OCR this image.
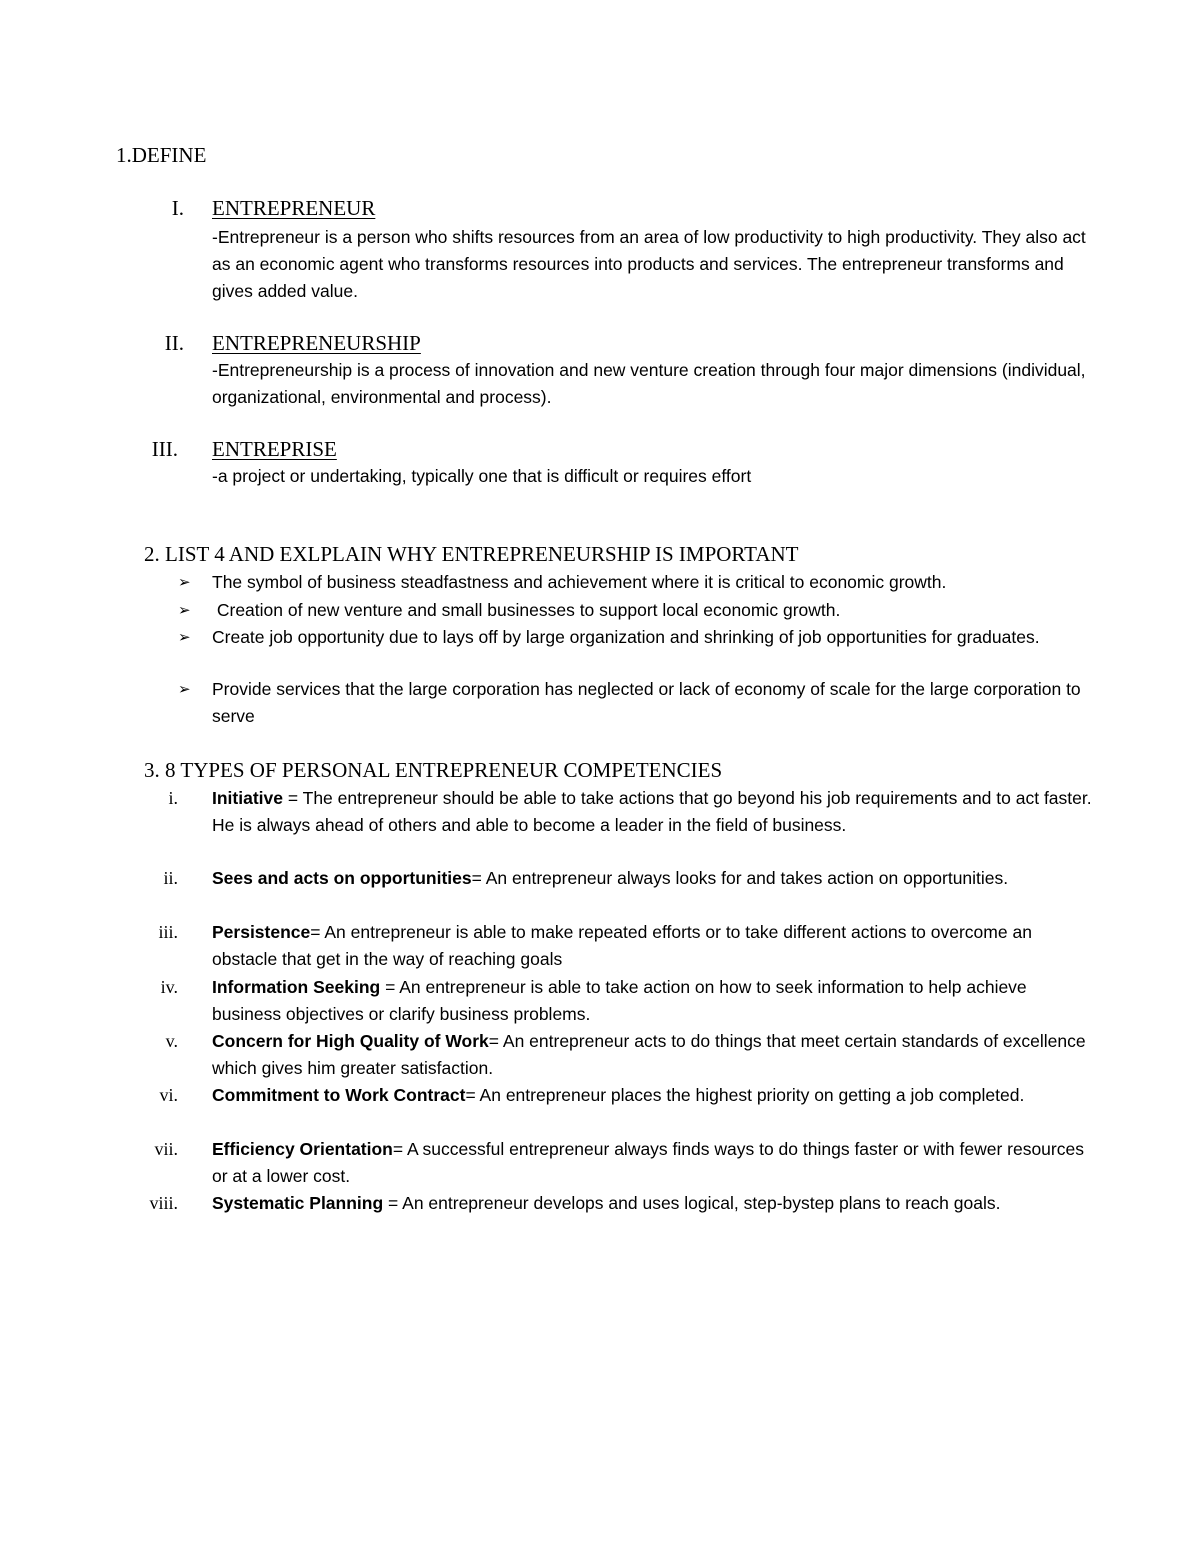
1.DEFINE
I. ENTREPRENEUR
-Entrepreneur is a person who shifts resources from an area of low productivity to high productivity. They also act as an economic agent who transforms resources into products and services. The entrepreneur transforms and gives added value.
II. ENTREPRENEURSHIP
-Entrepreneurship is a process of innovation and new venture creation through four major dimensions (individual, organizational, environmental and process).
III. ENTREPRISE
-a project or undertaking, typically one that is difficult or requires effort
2. LIST 4 AND EXLPLAIN WHY ENTREPRENEURSHIP IS IMPORTANT
➢ The symbol of business steadfastness and achievement where it is critical to economic growth.
➢ Creation of new venture and small businesses to support local economic growth.
➢ Create job opportunity due to lays off by large organization and shrinking of job opportunities for graduates.
➢ Provide services that the large corporation has neglected or lack of economy of scale for the large corporation to serve
3. 8 TYPES OF PERSONAL ENTREPRENEUR COMPETENCIES
i. Initiative = The entrepreneur should be able to take actions that go beyond his job requirements and to act faster. He is always ahead of others and able to become a leader in the field of business.
ii. Sees and acts on opportunities= An entrepreneur always looks for and takes action on opportunities.
iii. Persistence= An entrepreneur is able to make repeated efforts or to take different actions to overcome an obstacle that get in the way of reaching goals
iv. Information Seeking = An entrepreneur is able to take action on how to seek information to help achieve business objectives or clarify business problems.
v. Concern for High Quality of Work= An entrepreneur acts to do things that meet certain standards of excellence which gives him greater satisfaction.
vi. Commitment to Work Contract= An entrepreneur places the highest priority on getting a job completed.
vii. Efficiency Orientation= A successful entrepreneur always finds ways to do things faster or with fewer resources or at a lower cost.
viii. Systematic Planning = An entrepreneur develops and uses logical, step-bystep plans to reach goals.
